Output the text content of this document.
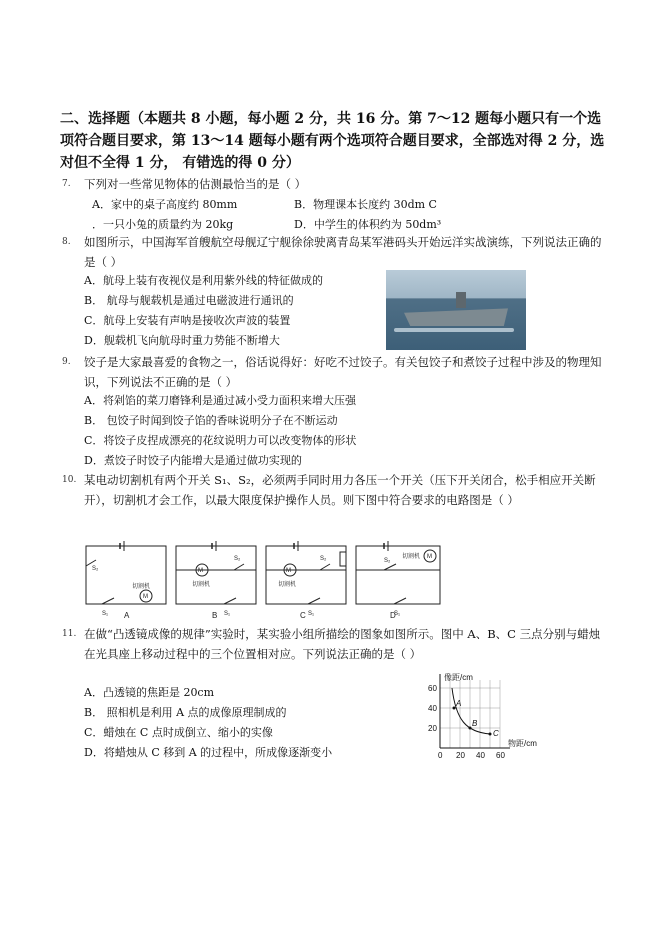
二、选择题（本题共 8 小题，每小题 2 分，共 16 分。第 7～12 题每小题只有一个选项符合题目要求，第 13～14 题每小题有两个选项符合题目要求，全部选对得 2 分，选对但不全得 1 分， 有错选的得 0 分）
7.	下列对一些常见物体的估测最恰当的是（ ）
A．家中的桌子高度约 80mm	B．物理课本长度约 30dm C
．一只小兔的质量约为 20kg	D．中学生的体积约为 50dm³
8.	如图所示，中国海军首艘航空母舰辽宁舰徐徐驶离青岛某军港码头开始远洋实战演练，下列说法正确的是（ ）
A．航母上装有夜视仪是利用紫外线的特征做成的
B． 航母与舰载机是通过电磁波进行通讯的
C．航母上安装有声呐是接收次声波的装置
D．舰载机飞向航母时重力势能不断增大
9.	饺子是大家最喜爱的食物之一，俗话说得好：好吃不过饺子。有关包饺子和煮饺子过程中涉及的物理知识，下列说法不正确的是（ ）
A．将剁馅的菜刀磨锋利是通过减小受力面积来增大压强
B． 包饺子时闻到饺子馅的香味说明分子在不断运动
C．将饺子皮捏成漂亮的花纹说明力可以改变物体的形状
D．煮饺子时饺子内能增大是通过做功实现的
10. 某电动切割机有两个开关 S₁、S₂，必须两手同时用力各压一个开关（压下开关闭合，松手相应开关断开），切割机才会工作，以最大限度保护操作人员。则下图中符合要求的电路图是（ ）
S₂
S₁
切割机
M
M
切割机
S₂
S₁
M
切割机
S₂
S₁
切割机 M
S₂
S₁
A	B	C	D
11. 在做“凸透镜成像的规律”实验时，某实验小组所描绘的图象如图所示。图中 A、B、C 三点分别与蜡烛在光具座上移动过程中的三个位置相对应。下列说法正确的是（ ）
A．凸透镜的焦距是 20cm
B． 照相机是利用 A 点的成像原理制成的
C．蜡烛在 C 点时成倒立、缩小的实像
D．将蜡烛从 C 移到 A 的过程中，所成像逐渐变小
像距/cm
物距/cm
60
40
20
0 20 40 60
A
B
C
